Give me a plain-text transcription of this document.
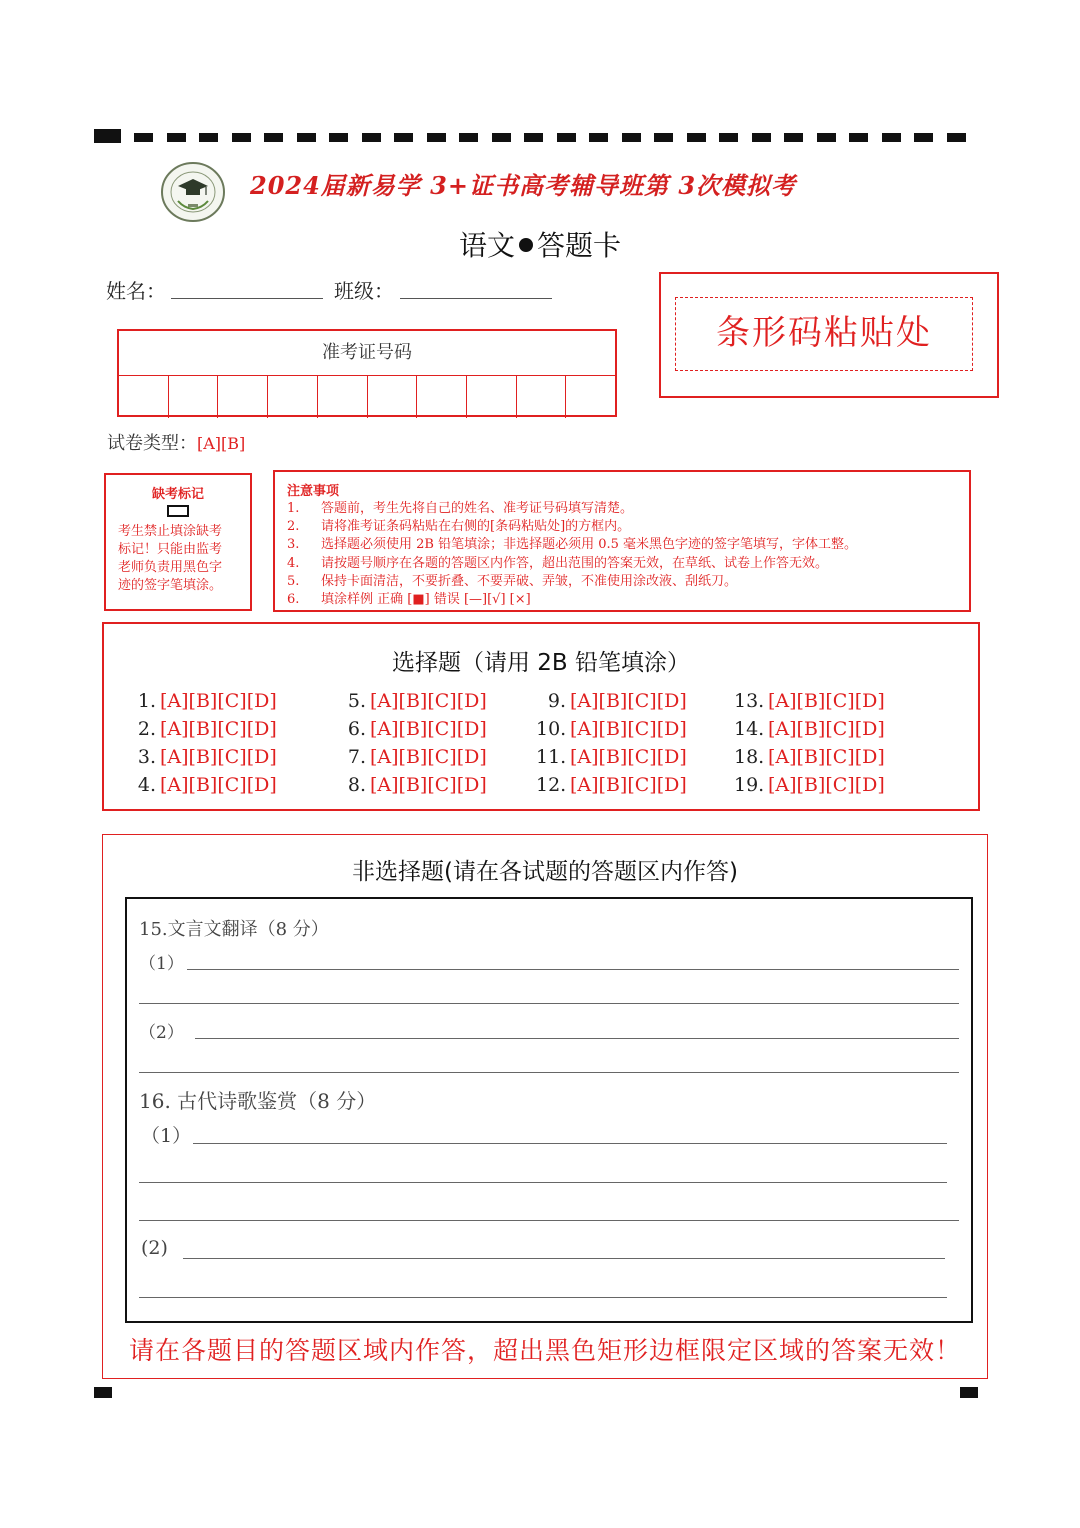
2024届新易学 3+证书高考辅导班第 3次模拟考
语文 答题卡
姓名：	班级：
准考证号码	条形码粘贴处
试卷类型：[A][B]
缺考标记
考生禁止填涂缺考
标记！只能由监考
老师负责用黑色字
迹的签字笔填涂。
注意事项
1. 答题前，考生先将自己的姓名、准考证号码填写清楚。
2. 请将准考证条码粘贴在右侧的[条码粘贴处]的方框内。
3. 选择题必须使用 2B 铅笔填涂；非选择题必须用 0.5 毫米黑色字迹的签字笔填写，字体工整。
4. 请按题号顺序在各题的答题区内作答，超出范围的答案无效，在草纸、试卷上作答无效。
5. 保持卡面清洁，不要折叠、不要弄破、弄皱，不准使用涂改液、刮纸刀。
6. 填涂样例 正确 [■] 错误 [—][√] [×]
选择题（请用 2B 铅笔填涂）
1. [A][B][C][D]
2. [A][B][C][D]
3. [A][B][C][D]
4. [A][B][C][D]
5. [A][B][C][D]
6. [A][B][C][D]
7. [A][B][C][D]
8. [A][B][C][D]
9. [A][B][C][D]
10. [A][B][C][D]
11. [A][B][C][D]
12. [A][B][C][D]
13. [A][B][C][D]
14. [A][B][C][D]
18. [A][B][C][D]
19. [A][B][C][D]
非选择题(请在各试题的答题区内作答)
15.文言文翻译（8 分）
（1）
（2）
16. 古代诗歌鉴赏（8 分）
（1）
(2)
请在各题目的答题区域内作答，超出黑色矩形边框限定区域的答案无效！
